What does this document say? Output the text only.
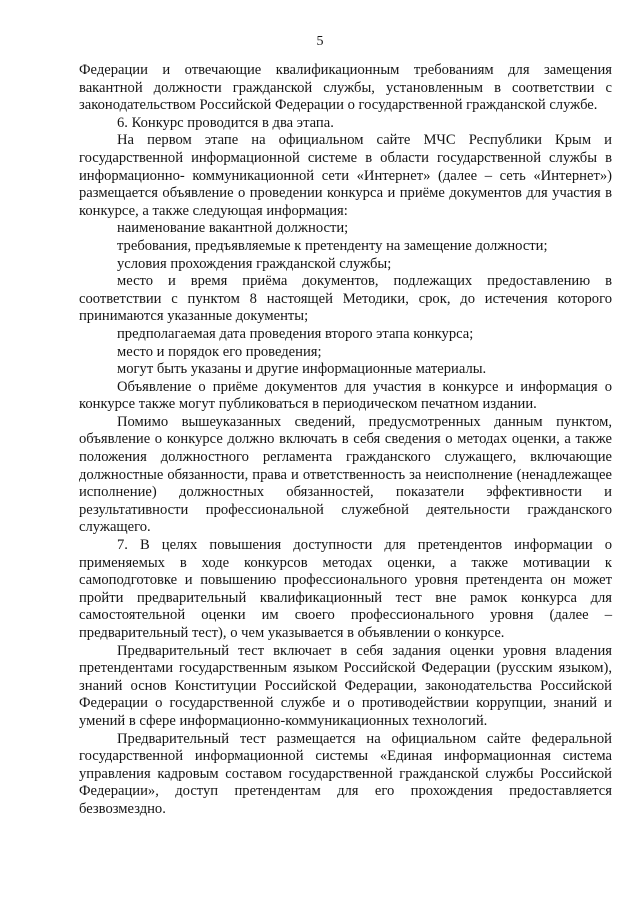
5

Федерации и отвечающие квалификационным требованиям для замещения вакантной должности гражданской службы, установленным в соответствии с законодательством Российской Федерации о государственной гражданской службе.

6. Конкурс проводится в два этапа.

На первом этапе на официальном сайте МЧС Республики Крым и государственной информационной системе в области государственной службы в информационно- коммуникационной сети «Интернет» (далее – сеть «Интернет») размещается объявление о проведении конкурса и приёме документов для участия в конкурсе, а также следующая информация:

наименование вакантной должности;

требования, предъявляемые к претенденту на замещение должности;

условия прохождения гражданской службы;

место и время приёма документов, подлежащих предоставлению в соответствии с пунктом 8 настоящей Методики, срок, до истечения которого принимаются указанные документы;

предполагаемая дата проведения второго этапа конкурса;

место и порядок его проведения;

могут быть указаны и другие информационные материалы.

Объявление о приёме документов для участия в конкурсе и информация о конкурсе также могут публиковаться в периодическом печатном издании.

Помимо вышеуказанных сведений, предусмотренных данным пунктом, объявление о конкурсе должно включать в себя сведения о методах оценки, а также положения должностного регламента гражданского служащего, включающие должностные обязанности, права и ответственность за неисполнение (ненадлежащее исполнение) должностных обязанностей, показатели эффективности и результативности профессиональной служебной деятельности гражданского служащего.

7. В целях повышения доступности для претендентов информации о применяемых в ходе конкурсов методах оценки, а также мотивации к самоподготовке и повышению профессионального уровня претендента он может пройти предварительный квалификационный тест вне рамок конкурса для самостоятельной оценки им своего профессионального уровня (далее – предварительный тест), о чем указывается в объявлении о конкурсе.

Предварительный тест включает в себя задания оценки уровня владения претендентами государственным языком Российской Федерации (русским языком), знаний основ Конституции Российской Федерации, законодательства Российской Федерации о государственной службе и о противодействии коррупции, знаний и умений в сфере информационно-коммуникационных технологий.

Предварительный тест размещается на официальном сайте федеральной государственной информационной системы «Единая информационная система управления кадровым составом государственной гражданской службы Российской Федерации», доступ претендентам для его прохождения предоставляется безвозмездно.
